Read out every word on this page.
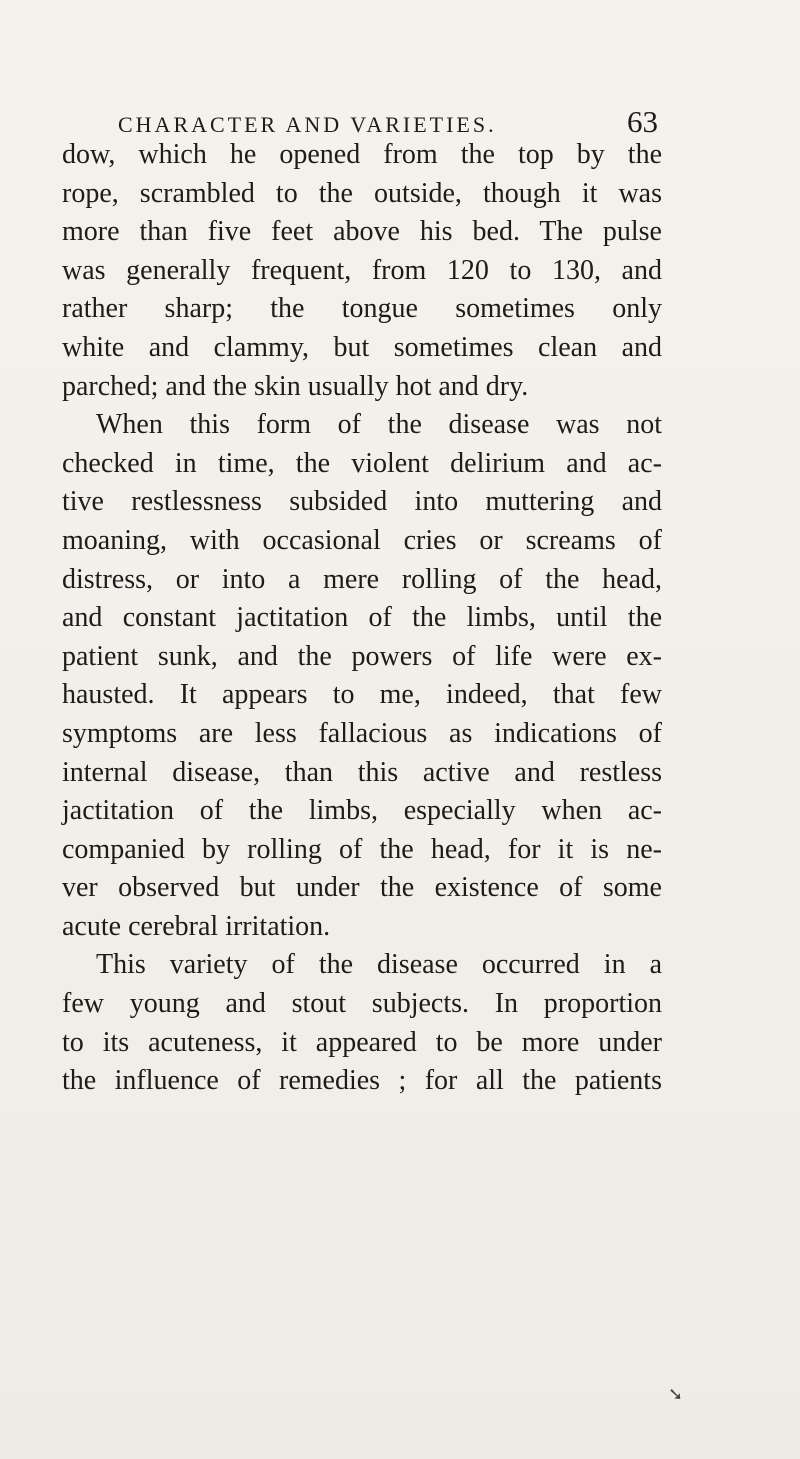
CHARACTER AND VARIETIES.	63
dow, which he opened from the top by the
rope, scrambled to the outside, though it was
more than five feet above his bed. The pulse
was generally frequent, from 120 to 130, and
rather sharp; the tongue sometimes only
white and clammy, but sometimes clean and
parched; and the skin usually hot and dry.
When this form of the disease was not
checked in time, the violent delirium and ac-
tive restlessness subsided into muttering and
moaning, with occasional cries or screams of
distress, or into a mere rolling of the head,
and constant jactitation of the limbs, until the
patient sunk, and the powers of life were ex-
hausted. It appears to me, indeed, that few
symptoms are less fallacious as indications of
internal disease, than this active and restless
jactitation of the limbs, especially when ac-
companied by rolling of the head, for it is ne-
ver observed but under the existence of some
acute cerebral irritation.
This variety of the disease occurred in a
few young and stout subjects. In proportion
to its acuteness, it appeared to be more under
the influence of remedies ; for all the patients
➘
